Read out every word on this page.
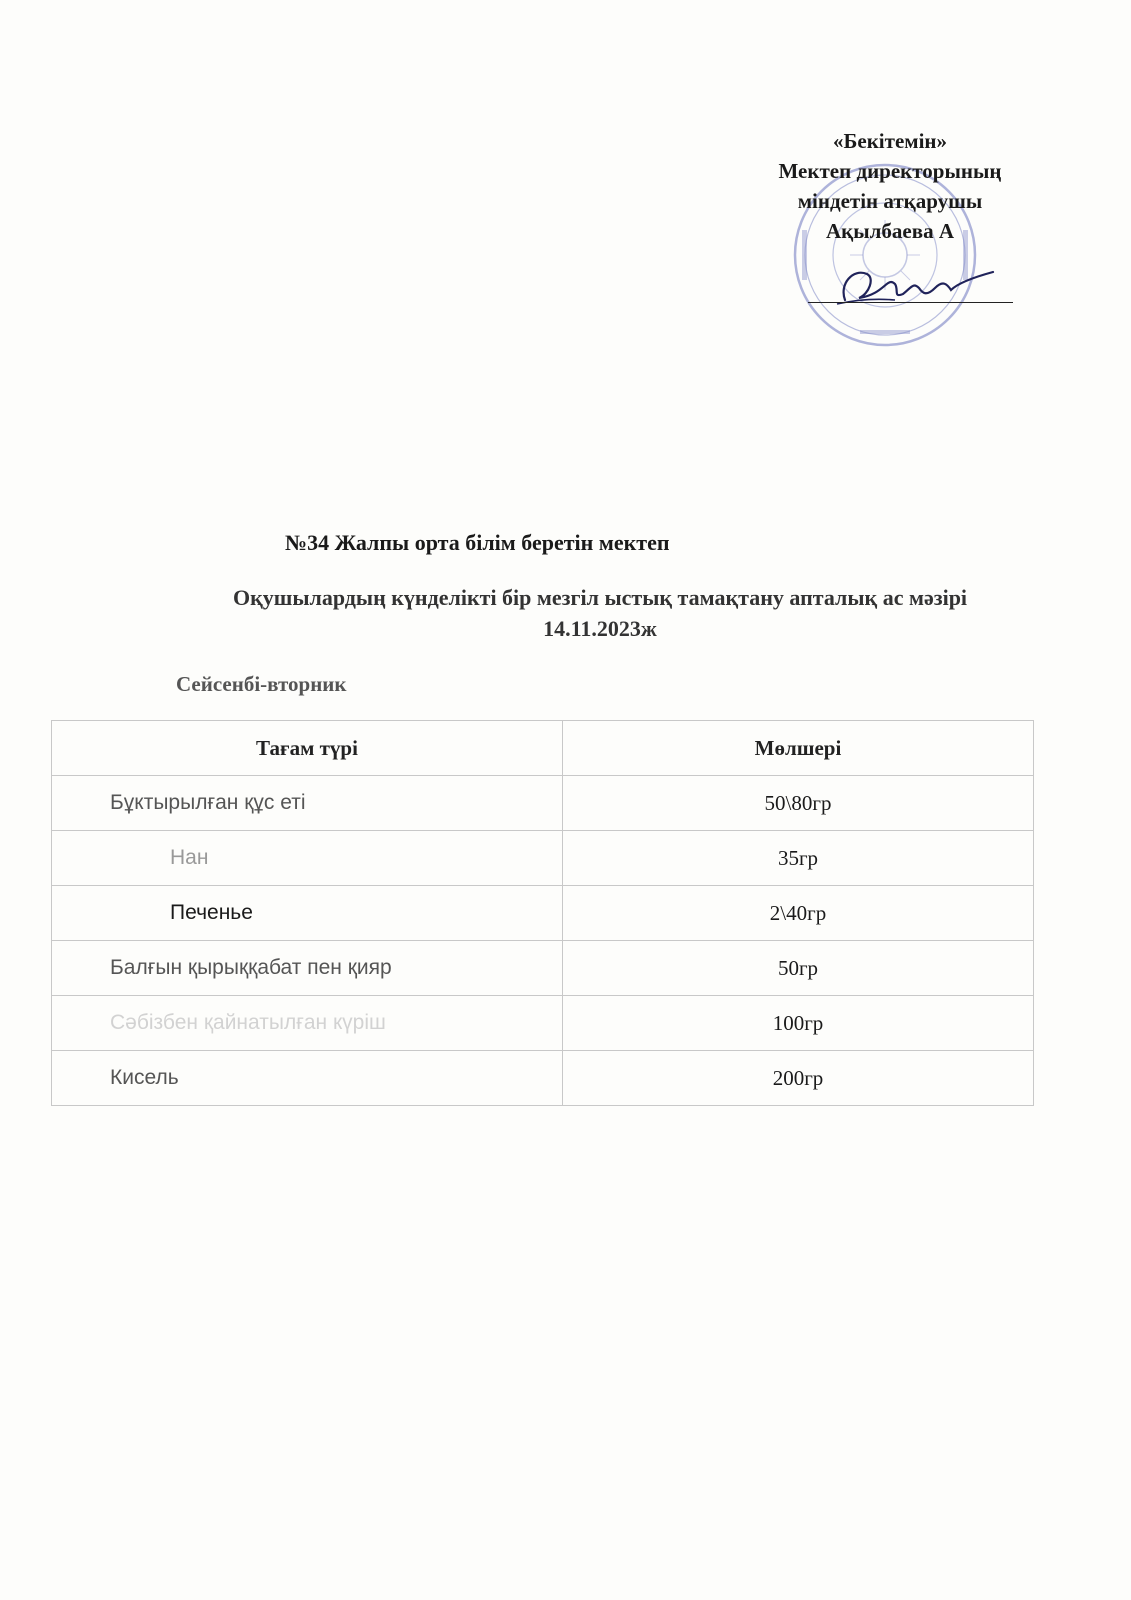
«Бекітемін»
Мектеп директорының
міндетін атқарушы
Ақылбаева А
№34 Жалпы орта білім беретін мектеп
Оқушылардың күнделікті бір мезгіл ыстық тамақтану апталық ас мәзірі
14.11.2023ж
Сейсенбі-вторник
Тағам түрі	Мөлшері
Бұктырылған құс еті	50\80гр
Нан	35гр
Печенье	2\40гр
Балғын қырыққабат пен қияр	50гр
Сәбізбен қайнатылған күріш	100гр
Кисель	200гр
